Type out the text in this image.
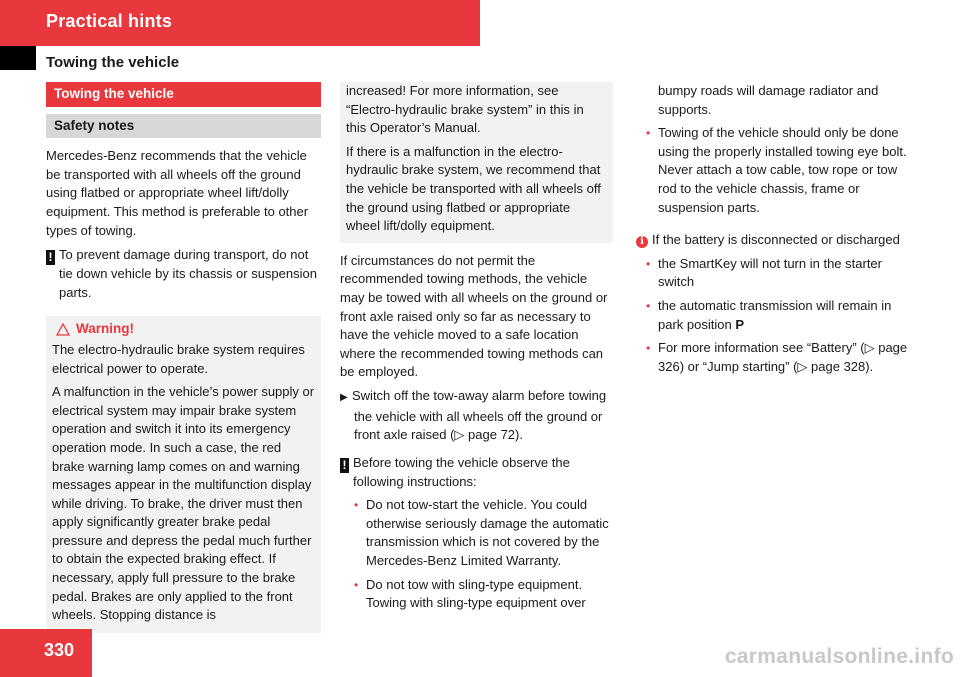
Practical hints
Towing the vehicle
Towing the vehicle
Safety notes

Mercedes-Benz recommends that the vehicle be transported with all wheels off the ground using flatbed or appropriate wheel lift/dolly equipment. This method is preferable to other types of towing.

! To prevent damage during transport, do not tie down vehicle by its chassis or suspension parts.

Warning!

The electro-hydraulic brake system requires electrical power to operate.

A malfunction in the vehicle’s power supply or electrical system may impair brake system operation and switch it into its emergency operation mode. In such a case, the red brake warning lamp comes on and warning messages appear in the multifunction display while driving. To brake, the driver must then apply significantly greater brake pedal pressure and depress the pedal much further to obtain the expected braking effect. If necessary, apply full pressure to the brake pedal. Brakes are only applied to the front wheels. Stopping distance is

increased! For more information, see “Electro-hydraulic brake system” in this in this Operator’s Manual.

If there is a malfunction in the electro-hydraulic brake system, we recommend that the vehicle be transported with all wheels off the ground using flatbed or appropriate wheel lift/dolly equipment.

If circumstances do not permit the recommended towing methods, the vehicle may be towed with all wheels on the ground or front axle raised only so far as necessary to have the vehicle moved to a safe location where the recommended towing methods can be employed.

▶ Switch off the tow-away alarm before towing the vehicle with all wheels off the ground or front axle raised (▷ page 72).

! Before towing the vehicle observe the following instructions:

• Do not tow-start the vehicle. You could otherwise seriously damage the automatic transmission which is not covered by the Mercedes-Benz Limited Warranty.

• Do not tow with sling-type equipment. Towing with sling-type equipment over

bumpy roads will damage radiator and supports.

• Towing of the vehicle should only be done using the properly installed towing eye bolt. Never attach a tow cable, tow rope or tow rod to the vehicle chassis, frame or suspension parts.

i If the battery is disconnected or discharged

• the SmartKey will not turn in the starter switch

• the automatic transmission will remain in park position P

• For more information see “Battery” (▷ page 326) or “Jump starting” (▷ page 328).

330	carmanualsonline.info
